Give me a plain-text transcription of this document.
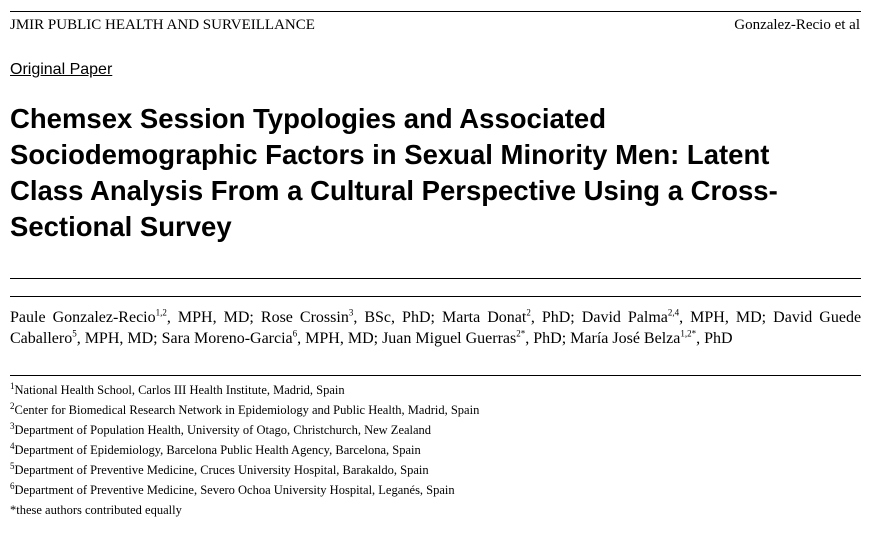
JMIR PUBLIC HEALTH AND SURVEILLANCE	Gonzalez-Recio et al
Original Paper
Chemsex Session Typologies and Associated
Sociodemographic Factors in Sexual Minority Men: Latent
Class Analysis From a Cultural Perspective Using a Cross-
Sectional Survey
Paule Gonzalez-Recio$^{1,2}$, MPH, MD; Rose Crossin$^3$, BSc, PhD; Marta Donat$^2$, PhD; David Palma$^{2,4}$, MPH, MD; David Guede Caballero$^5$, MPH, MD; Sara Moreno-Garcia$^6$, MPH, MD; Juan Miguel Guerras$^{2*}$, PhD; María José Belza$^{1,2*}$, PhD
$^1$National Health School, Carlos III Health Institute, Madrid, Spain
$^2$Center for Biomedical Research Network in Epidemiology and Public Health, Madrid, Spain
$^3$Department of Population Health, University of Otago, Christchurch, New Zealand
$^4$Department of Epidemiology, Barcelona Public Health Agency, Barcelona, Spain
$^5$Department of Preventive Medicine, Cruces University Hospital, Barakaldo, Spain
$^6$Department of Preventive Medicine, Severo Ochoa University Hospital, Leganés, Spain
*these authors contributed equally
